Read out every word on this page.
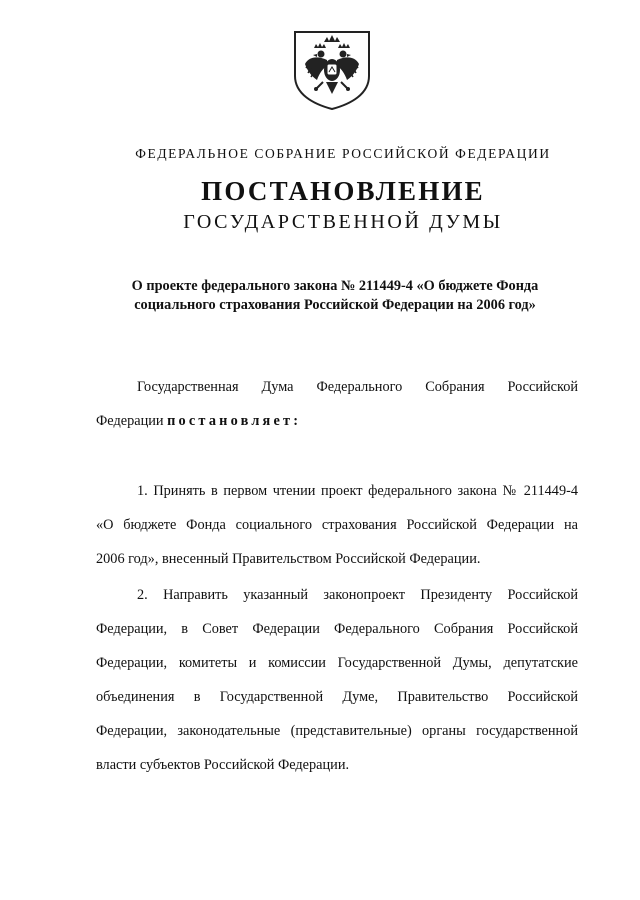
ФЕДЕРАЛЬНОЕ СОБРАНИЕ РОССИЙСКОЙ ФЕДЕРАЦИИ
ПОСТАНОВЛЕНИЕ
ГОСУДАРСТВЕННОЙ ДУМЫ
О проекте федерального закона № 211449-4 «О бюджете Фонда
социального страхования Российской Федерации на 2006 год»
Государственная Дума Федерального Собрания Российской
Федерации постановляет:
1. Принять в первом чтении проект федерального закона № 211449-4
«О бюджете Фонда социального страхования Российской Федерации на
2006 год», внесенный Правительством Российской Федерации.
2. Направить указанный законопроект Президенту Российской
Федерации, в Совет Федерации Федерального Собрания Российской
Федерации, комитеты и комиссии Государственной Думы, депутатские
объединения в Государственной Думе, Правительство Российской
Федерации, законодательные (представительные) органы государственной
власти субъектов Российской Федерации.
